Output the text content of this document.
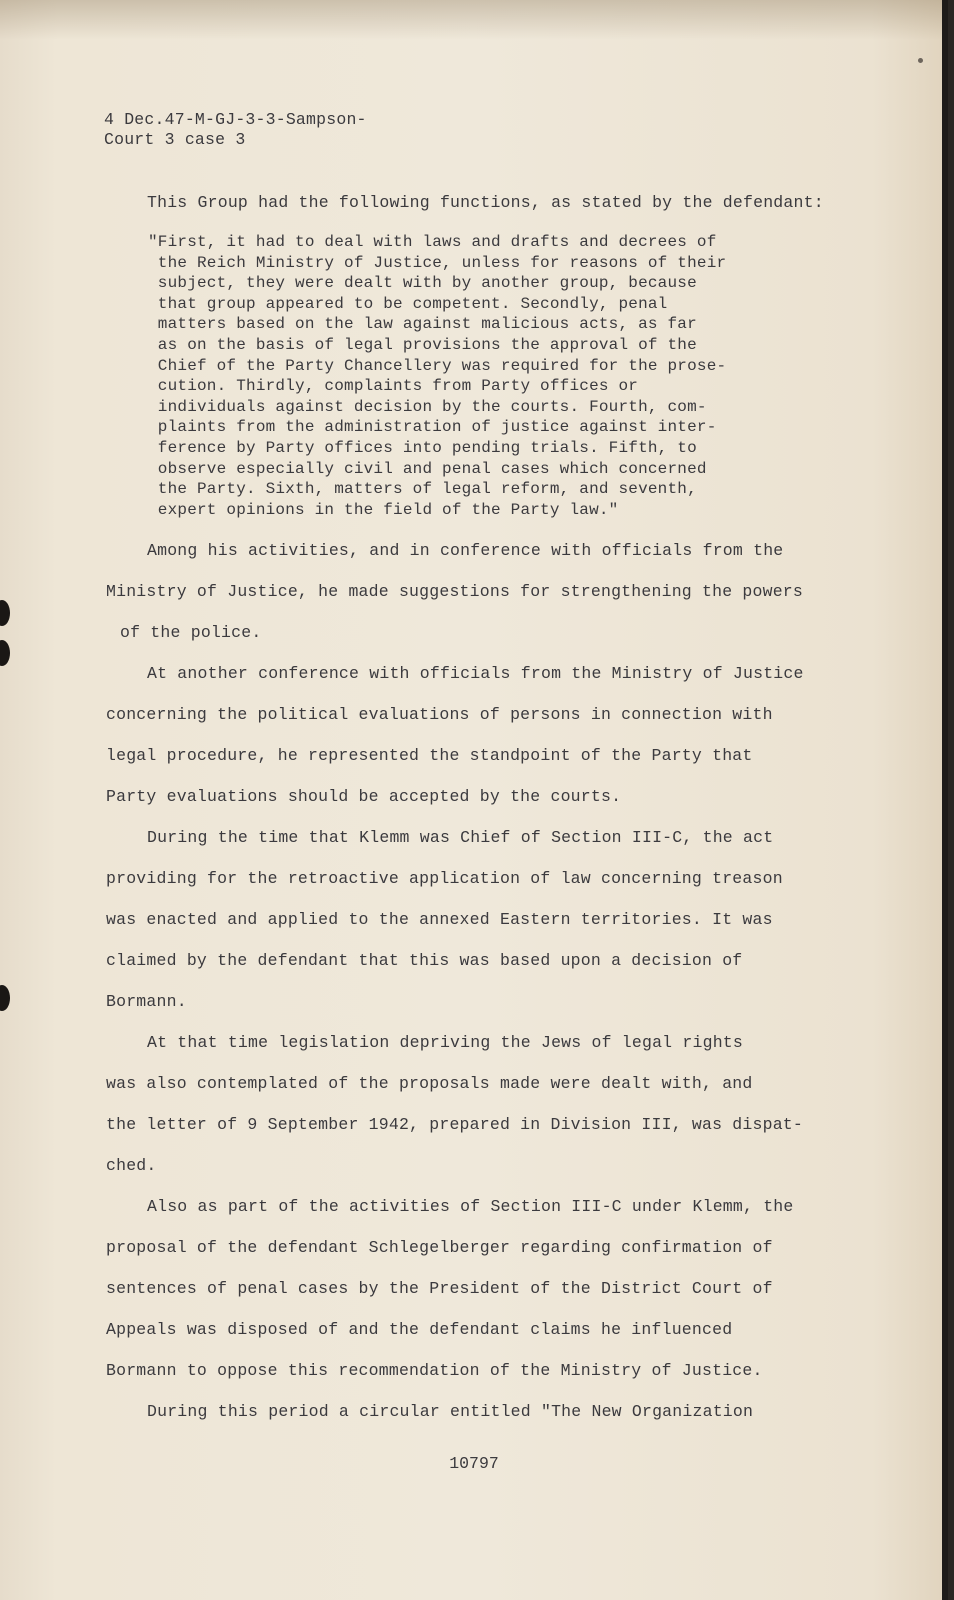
4 Dec.47-M-GJ-3-3-Sampson-
Court 3 case 3
This Group had the following functions, as stated by the defendant:
"First, it had to deal with laws and drafts and decrees of
the Reich Ministry of Justice, unless for reasons of their
subject, they were dealt with by another group, because
that group appeared to be competent. Secondly, penal
matters based on the law against malicious acts, as far
as on the basis of legal provisions the approval of the
Chief of the Party Chancellery was required for the prose-
cution. Thirdly, complaints from Party offices or
individuals against decision by the courts. Fourth, com-
plaints from the administration of justice against inter-
ference by Party offices into pending trials. Fifth, to
observe especially civil and penal cases which concerned
the Party. Sixth, matters of legal reform, and seventh,
expert opinions in the field of the Party law."
Among his activities, and in conference with officials from the
Ministry of Justice, he made suggestions for strengthening the powers
of the police.
At another conference with officials from the Ministry of Justice
concerning the political evaluations of persons in connection with
legal procedure, he represented the standpoint of the Party that
Party evaluations should be accepted by the courts.
During the time that Klemm was Chief of Section III-C, the act
providing for the retroactive application of law concerning treason
was enacted and applied to the annexed Eastern territories. It was
claimed by the defendant that this was based upon a decision of
Bormann.
At that time legislation depriving the Jews of legal rights
was also contemplated of the proposals made were dealt with, and
the letter of 9 September 1942, prepared in Division III, was dispat-
ched.
Also as part of the activities of Section III-C under Klemm, the
proposal of the defendant Schlegelberger regarding confirmation of
sentences of penal cases by the President of the District Court of
Appeals was disposed of and the defendant claims he influenced
Bormann to oppose this recommendation of the Ministry of Justice.
During this period a circular entitled "The New Organization
10797
